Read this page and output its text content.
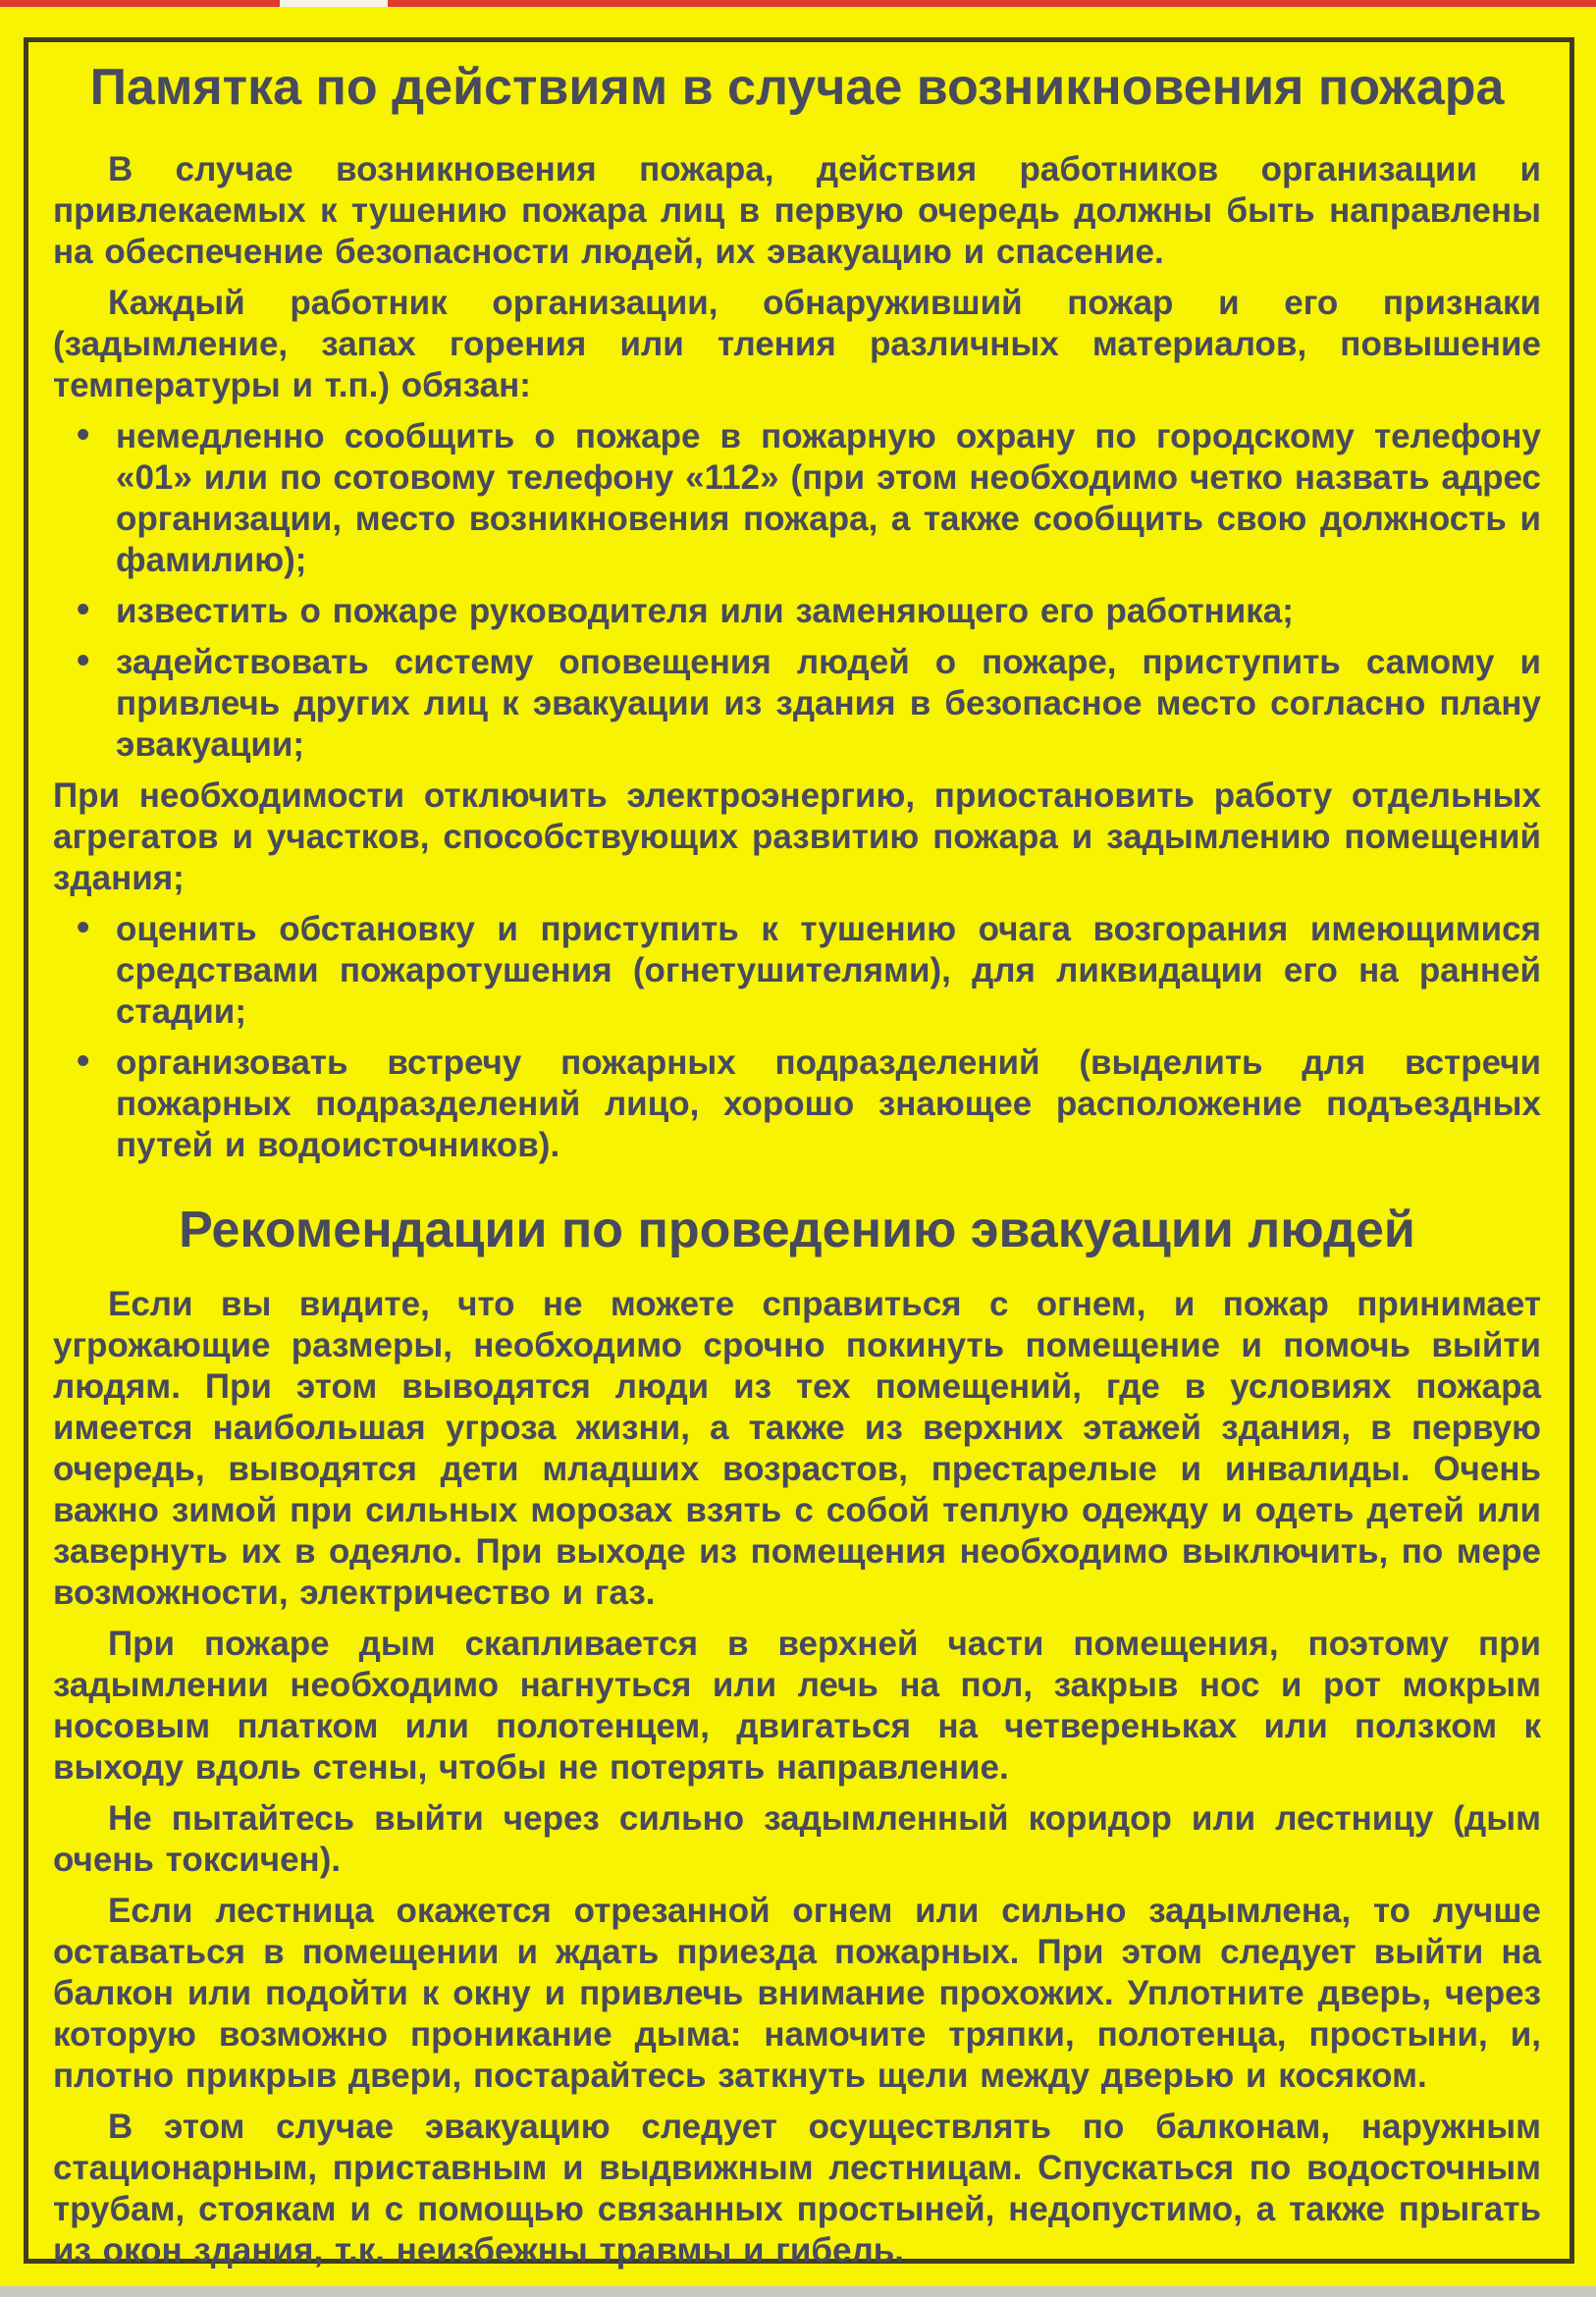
Памятка по действиям в случае возникновения пожара

В случае возникновения пожара, действия работников организации и привлекаемых к тушению пожара лиц в первую очередь должны быть направлены на обеспечение безопасности людей, их эвакуацию и спасение.

Каждый работник организации, обнаруживший пожар и его признаки (задымление, запах горения или тления различных материалов, повышение температуры и т.п.) обязан:

• немедленно сообщить о пожаре в пожарную охрану по городскому телефону «01» или по сотовому телефону «112» (при этом необходимо четко назвать адрес организации, место возникновения пожара, а также сообщить свою должность и фамилию);
• известить о пожаре руководителя или заменяющего его работника;
• задействовать систему оповещения людей о пожаре, приступить самому и привлечь других лиц к эвакуации из здания в безопасное место согласно плану эвакуации;

При необходимости отключить электроэнергию, приостановить работу отдельных агрегатов и участков, способствующих развитию пожара и задымлению помещений здания;

• оценить обстановку и приступить к тушению очага возгорания имеющимися средствами пожаротушения (огнетушителями), для ликвидации его на ранней стадии;
• организовать встречу пожарных подразделений (выделить для встречи пожарных подразделений лицо, хорошо знающее расположение подъездных путей и водоисточников).
Рекомендации по проведению эвакуации людей

Если вы видите, что не можете справиться с огнем, и пожар принимает угрожающие размеры, необходимо срочно покинуть помещение и помочь выйти людям. При этом выводятся люди из тех помещений, где в условиях пожара имеется наибольшая угроза жизни, а также из верхних этажей здания, в первую очередь, выводятся дети младших возрастов, престарелые и инвалиды. Очень важно зимой при сильных морозах взять с собой теплую одежду и одеть детей или завернуть их в одеяло. При выходе из помещения необходимо выключить, по мере возможности, электричество и газ.

При пожаре дым скапливается в верхней части помещения, поэтому при задымлении необходимо нагнуться или лечь на пол, закрыв нос и рот мокрым носовым платком или полотенцем, двигаться на четвереньках или ползком к выходу вдоль стены, чтобы не потерять направление.

Не пытайтесь выйти через сильно задымленный коридор или лестницу (дым очень токсичен).

Если лестница окажется отрезанной огнем или сильно задымлена, то лучше оставаться в помещении и ждать приезда пожарных. При этом следует выйти на балкон или подойти к окну и привлечь внимание прохожих. Уплотните дверь, через которую возможно проникание дыма: намочите тряпки, полотенца, простыни, и, плотно прикрыв двери, постарайтесь заткнуть щели между дверью и косяком.

В этом случае эвакуацию следует осуществлять по балконам, наружным стационарным, приставным и выдвижным лестницам. Спускаться по водосточным трубам, стоякам и с помощью связанных простыней, недопустимо, а также прыгать из окон здания, т.к. неизбежны травмы и гибель.
